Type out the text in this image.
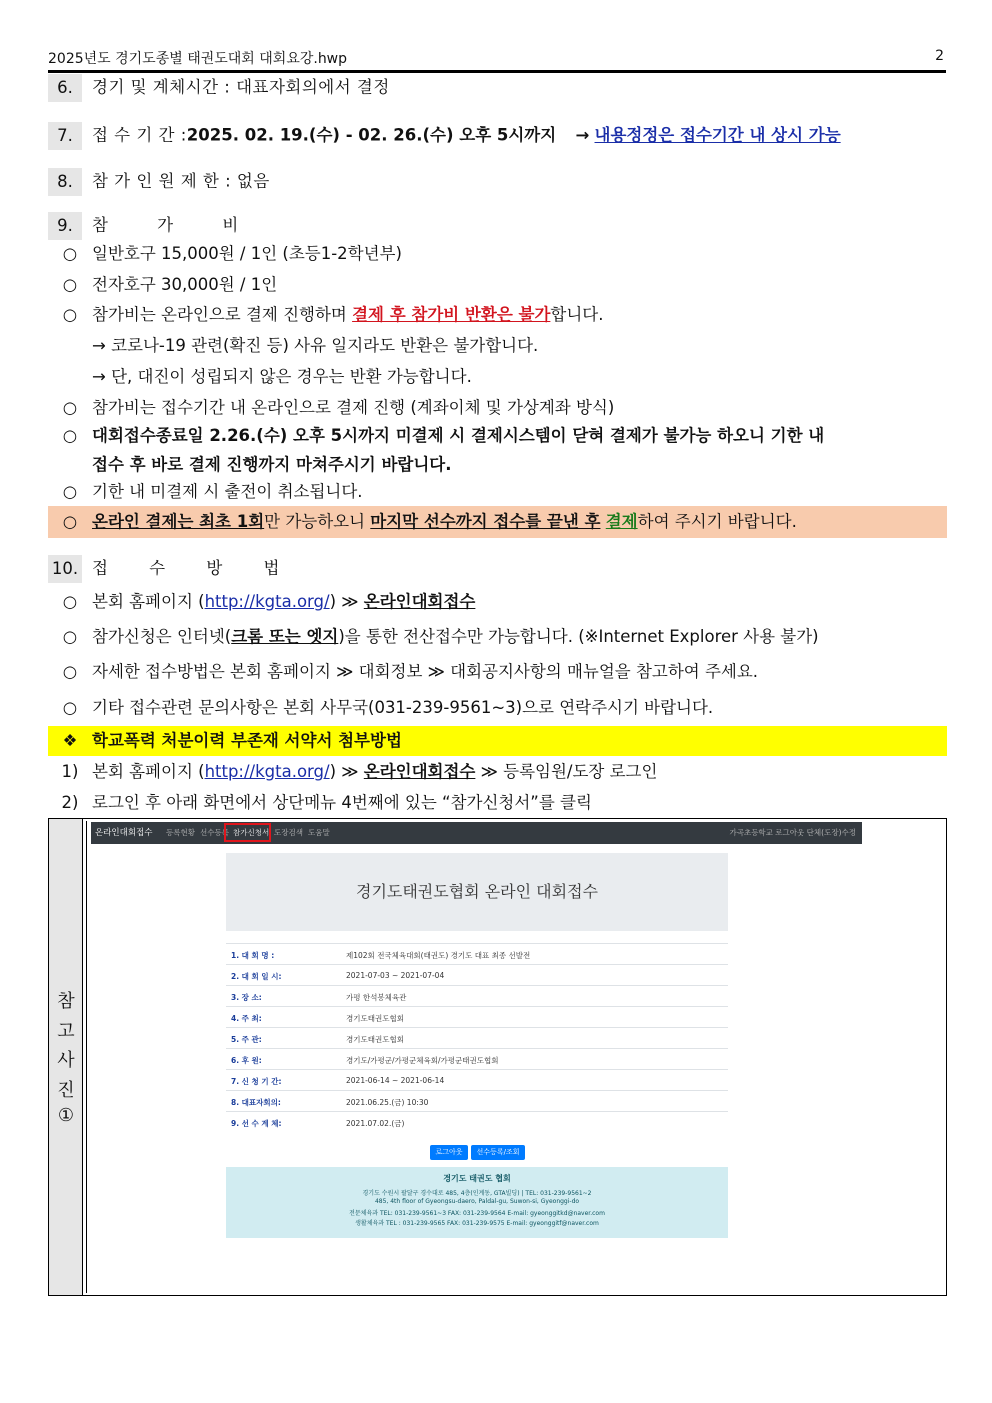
2025년도 경기도종별 태권도대회 대회요강.hwp	2
6. 경기 및 계체시간 : 대표자회의에서 결정
7. 접 수 기 간 :2025. 02. 19.(수) - 02. 26.(수) 오후 5시까지 → 내용정정은 접수기간 내 상시 가능
8. 참 가 인 원 제 한 : 없음
9. 참 가 비
○ 일반호구 15,000원 / 1인 (초등1-2학년부)
○ 전자호구 30,000원 / 1인
○ 참가비는 온라인으로 결제 진행하며 결제 후 참가비 반환은 불가합니다.
→ 코로나-19 관련(확진 등) 사유 일지라도 반환은 불가합니다.
→ 단, 대진이 성립되지 않은 경우는 반환 가능합니다.
○ 참가비는 접수기간 내 온라인으로 결제 진행 (계좌이체 및 가상계좌 방식)
○ 대회접수종료일 2.26.(수) 오후 5시까지 미결제 시 결제시스템이 닫혀 결제가 불가능 하오니 기한 내
접수 후 바로 결제 진행까지 마쳐주시기 바랍니다.
○ 기한 내 미결제 시 출전이 취소됩니다.
○ 온라인 결제는 최초 1회만 가능하오니 마지막 선수까지 접수를 끝낸 후 결제하여 주시기 바랍니다.
10. 접 수 방 법
○ 본회 홈페이지 (http://kgta.org/) ≫ 온라인대회접수
○ 참가신청은 인터넷(크롬 또는 엣지)을 통한 전산접수만 가능합니다. (※Internet Explorer 사용 불가)
○ 자세한 접수방법은 본회 홈페이지 ≫ 대회정보 ≫ 대회공지사항의 매뉴얼을 참고하여 주세요.
○ 기타 접수관련 문의사항은 본회 사무국(031-239-9561~3)으로 연락주시기 바랍니다.
❖ 학교폭력 처분이력 부존재 서약서 첨부방법
1) 본회 홈페이지 (http://kgta.org/) ≫ 온라인대회접수 ≫ 등록임원/도장 로그인
2) 로그인 후 아래 화면에서 상단메뉴 4번째에 있는 “참가신청서”를 클릭
참
고
사
진
①
온라인대회접수 등록현황 선수등록 참가신청서 도장검색 도움말	가곡초등학교 로그아웃 단체(도장)수정
경기도태권도협회 온라인 대회접수
1. 대 회 명 :	제102회 전국체육대회(태권도) 경기도 대표 최종 선발전
2. 대 회 일 시:	2021-07-03 ~ 2021-07-04
3. 장 소:	가평 한석봉체육관
4. 주 최:	경기도태권도협회
5. 주 관:	경기도태권도협회
6. 후 원:	경기도/가평군/가평군체육회/가평군태권도협회
7. 신 청 기 간:	2021-06-14 ~ 2021-06-14
8. 대표자회의:	2021.06.25.(금) 10:30
9. 선 수 계 체:	2021.07.02.(금)
로그아웃	선수등록/조회
경기도 태권도 협회
경기도 수원시 팔달구 경수대로 485, 4층(인계동, GTA빌딩) | TEL: 031-239-9561~2
485, 4th floor of Gyeongsu-daero, Paldal-gu, Suwon-si, Gyeonggi-do
전문체육과 TEL: 031-239-9561~3 FAX: 031-239-9564 E-mail: gyeonggitkd@naver.com
생활체육과 TEL : 031-239-9565 FAX: 031-239-9575 E-mail: gyeonggitf@naver.com
